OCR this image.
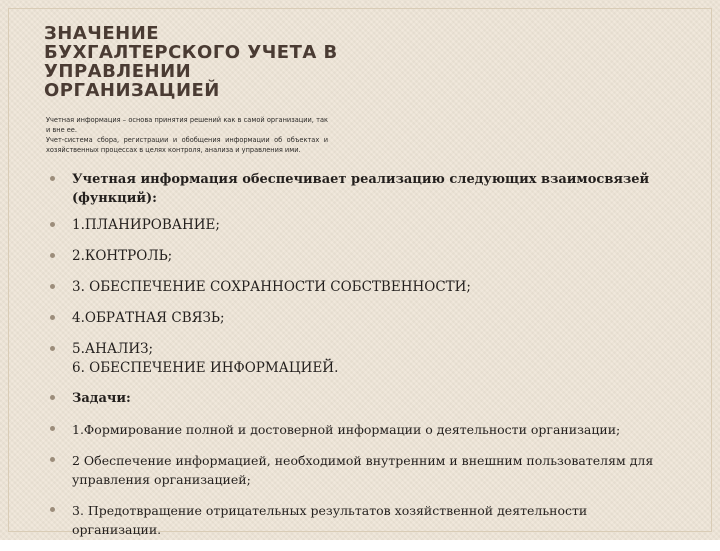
ЗНАЧЕНИЕ
БУХГАЛТЕРСКОГО УЧЕТА В
УПРАВЛЕНИИ
ОРГАНИЗАЦИЕЙ

Учетная информация – основа принятия решений как в самой организации, так и вне ее.

Учет-система сбора, регистрации и обобщения информации об объектах и хозяйственных процессах в целях контроля, анализа и управления ими.

Учетная информация обеспечивает реализацию следующих взаимосвязей (функций):
1.ПЛАНИРОВАНИЕ;
2.КОНТРОЛЬ;
3. ОБЕСПЕЧЕНИЕ СОХРАННОСТИ СОБСТВЕННОСТИ;
4.ОБРАТНАЯ СВЯЗЬ;
5.АНАЛИЗ;
6. ОБЕСПЕЧЕНИЕ ИНФОРМАЦИЕЙ.
Задачи:
1.Формирование полной и достоверной информации о деятельности организации;
2 Обеспечение информацией, необходимой внутренним и внешним пользователям для управления организацией;
3. Предотвращение отрицательных результатов хозяйственной деятельности организации.
